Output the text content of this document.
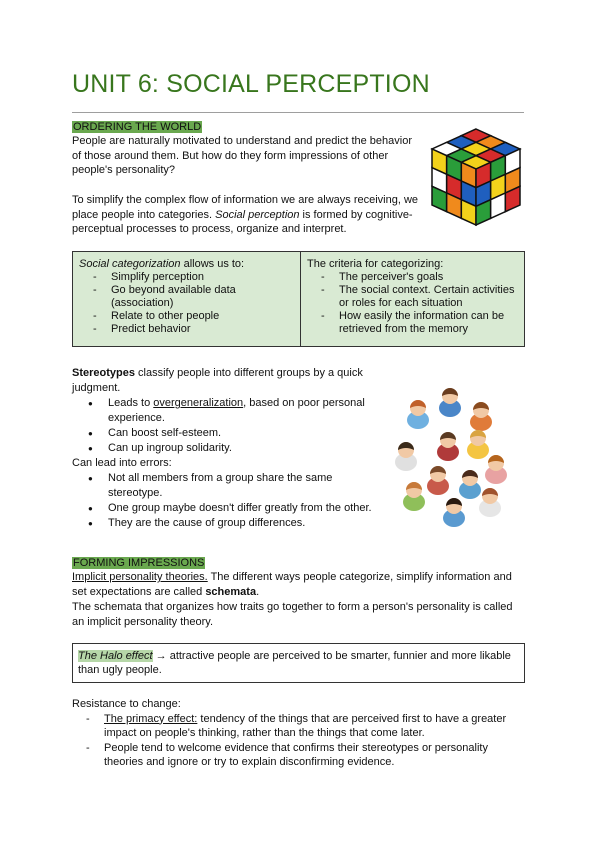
UNIT 6: SOCIAL PERCEPTION
ORDERING THE WORLD
People are naturally motivated to understand and predict the behavior of those around them. But how do they form impressions of other people's personality?
To simplify the complex flow of information we are always receiving, we place people into categories. Social perception is formed by cognitive-perceptual processes to process, organize and interpret.
Social categorization allows us to:
- Simplify perception
- Go beyond available data (association)
- Relate to other people
- Predict behavior
The criteria for categorizing:
- The perceiver's goals
- The social context. Certain activities or roles for each situation
- How easily the information can be retrieved from the memory

Stereotypes classify people into different groups by a quick judgment.

● Leads to overgeneralization, based on poor personal experience.
● Can boost self-esteem.
● Can up ingroup solidarity.

Can lead into errors:

● Not all members from a group share the same stereotype.
● One group maybe doesn't differ greatly from the other.
● They are the cause of group differences.
FORMING IMPRESSIONS
Implicit personality theories. The different ways people categorize, simplify information and set expectations are called schemata.
The schemata that organizes how traits go together to form a person's personality is called an implicit personality theory.
The Halo effect → attractive people are perceived to be smarter, funnier and more likable than ugly people.

Resistance to change:

- The primacy effect: tendency of the things that are perceived first to have a greater impact on people's thinking, rather than the things that come later.
- People tend to welcome evidence that confirms their stereotypes or personality theories and ignore or try to explain disconfirming evidence.
